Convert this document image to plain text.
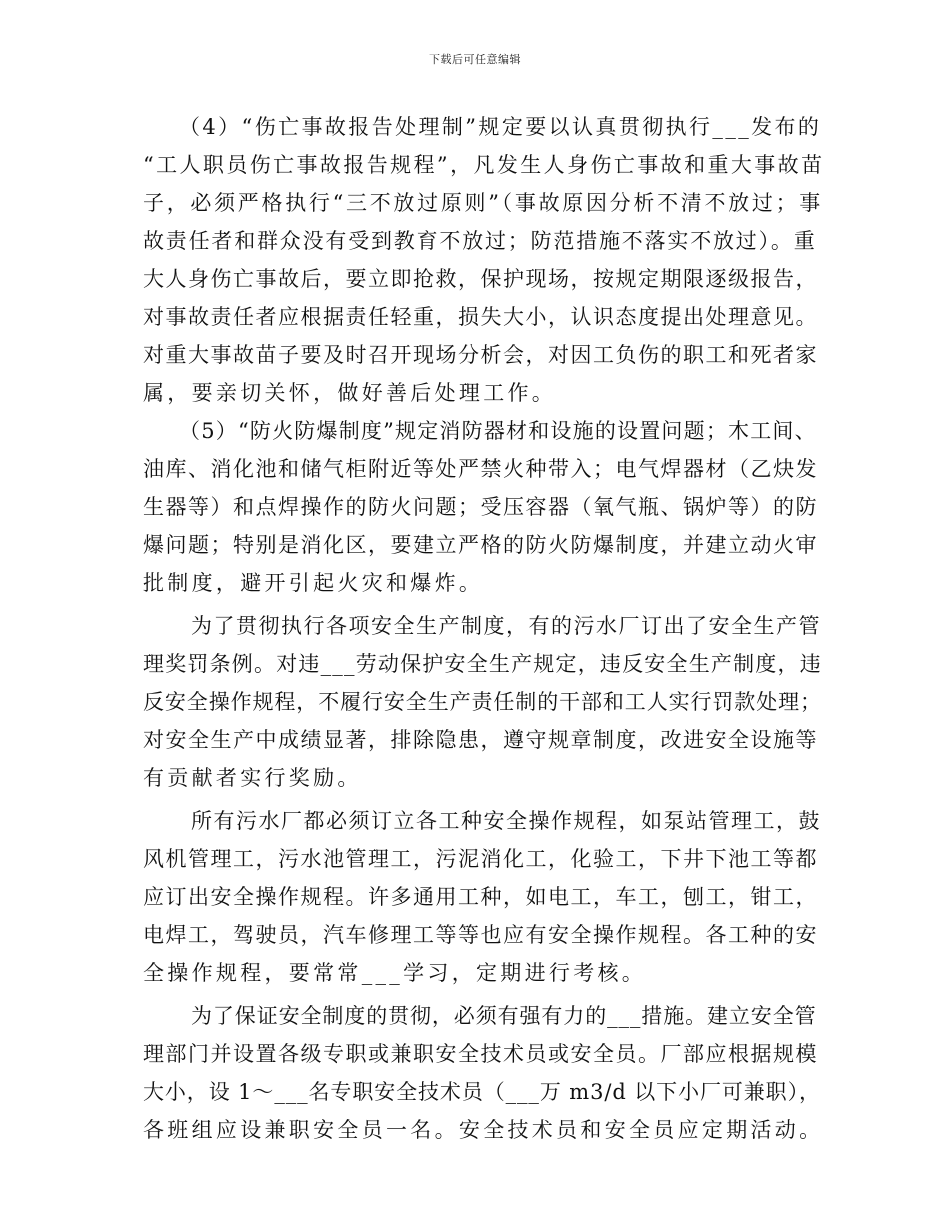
下载后可任意编辑
（4）“伤亡事故报告处理制”规定要以认真贯彻执行___发布的
“工人职员伤亡事故报告规程”，凡发生人身伤亡事故和重大事故苗
子，必须严格执行“三不放过原则”（事故原因分析不清不放过；事
故责任者和群众没有受到教育不放过；防范措施不落实不放过）。重
大人身伤亡事故后，要立即抢救，保护现场，按规定期限逐级报告，
对事故责任者应根据责任轻重，损失大小，认识态度提出处理意见。
对重大事故苗子要及时召开现场分析会，对因工负伤的职工和死者家
属，要亲切关怀，做好善后处理工作。
（5）“防火防爆制度”规定消防器材和设施的设置问题；木工间、
油库、消化池和储气柜附近等处严禁火种带入；电气焊器材（乙炔发
生器等）和点焊操作的防火问题；受压容器（氧气瓶、锅炉等）的防
爆问题；特别是消化区，要建立严格的防火防爆制度，并建立动火审
批制度，避开引起火灾和爆炸。
为了贯彻执行各项安全生产制度，有的污水厂订出了安全生产管
理奖罚条例。对违___劳动保护安全生产规定，违反安全生产制度，违
反安全操作规程，不履行安全生产责任制的干部和工人实行罚款处理；
对安全生产中成绩显著，排除隐患，遵守规章制度，改进安全设施等
有贡献者实行奖励。
所有污水厂都必须订立各工种安全操作规程，如泵站管理工，鼓
风机管理工，污水池管理工，污泥消化工，化验工，下井下池工等都
应订出安全操作规程。许多通用工种，如电工，车工，刨工，钳工，
电焊工，驾驶员，汽车修理工等等也应有安全操作规程。各工种的安
全操作规程，要常常___学习，定期进行考核。
为了保证安全制度的贯彻，必须有强有力的___措施。建立安全管
理部门并设置各级专职或兼职安全技术员或安全员。厂部应根据规模
大小，设 1～___名专职安全技术员（___万 m3/d 以下小厂可兼职），
各班组应设兼职安全员一名。安全技术员和安全员应定期活动。
